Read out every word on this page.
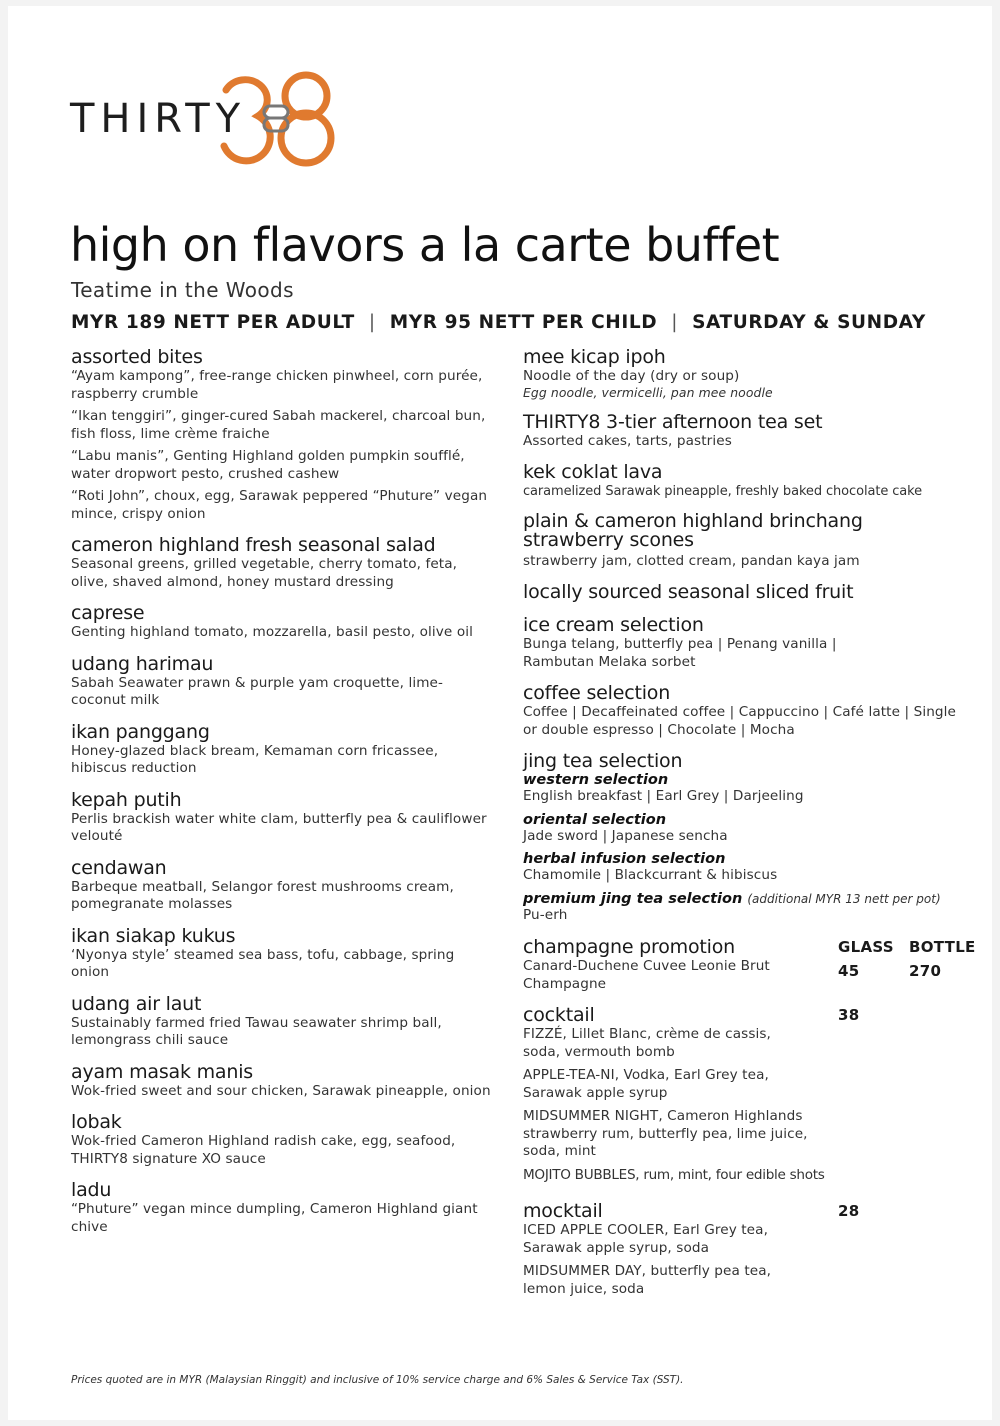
THIRTY
high on flavors a la carte buffet

Teatime in the Woods

MYR 189 NETT PER ADULT | MYR 95 NETT PER CHILD | SATURDAY & SUNDAY
assorted bites
“Ayam kampong”, free-range chicken pinwheel, corn purée, raspberry crumble
“Ikan tenggiri”, ginger-cured Sabah mackerel, charcoal bun, fish floss, lime crème fraiche
“Labu manis”, Genting Highland golden pumpkin soufflé, water dropwort pesto, crushed cashew
“Roti John”, choux, egg, Sarawak peppered “Phuture” vegan mince, crispy onion
cameron highland fresh seasonal salad
Seasonal greens, grilled vegetable, cherry tomato, feta, olive, shaved almond, honey mustard dressing
caprese
Genting highland tomato, mozzarella, basil pesto, olive oil
udang harimau
Sabah Seawater prawn & purple yam croquette, lime-coconut milk
ikan panggang
Honey-glazed black bream, Kemaman corn fricassee, hibiscus reduction
kepah putih
Perlis brackish water white clam, butterfly pea & cauliflower velouté
cendawan
Barbeque meatball, Selangor forest mushrooms cream, pomegranate molasses
ikan siakap kukus
‘Nyonya style’ steamed sea bass, tofu, cabbage, spring onion
udang air laut
Sustainably farmed fried Tawau seawater shrimp ball, lemongrass chili sauce
ayam masak manis
Wok-fried sweet and sour chicken, Sarawak pineapple, onion
lobak
Wok-fried Cameron Highland radish cake, egg, seafood, THIRTY8 signature XO sauce
ladu
“Phuture” vegan mince dumpling, Cameron Highland giant chive
mee kicap ipoh
Noodle of the day (dry or soup)
Egg noodle, vermicelli, pan mee noodle
THIRTY8 3-tier afternoon tea set
Assorted cakes, tarts, pastries
kek coklat lava
caramelized Sarawak pineapple, freshly baked chocolate cake
plain & cameron highland brinchang strawberry scones
strawberry jam, clotted cream, pandan kaya jam
locally sourced seasonal sliced fruit
ice cream selection
Bunga telang, butterfly pea | Penang vanilla | Rambutan Melaka sorbet
coffee selection
Coffee | Decaffeinated coffee | Cappuccino | Café latte | Single or double espresso | Chocolate | Mocha
jing tea selection
western selection
English breakfast | Earl Grey | Darjeeling
oriental selection
Jade sword | Japanese sencha
herbal infusion selection
Chamomile | Blackcurrant & hibiscus
premium jing tea selection (additional MYR 13 nett per pot)
Pu-erh
champagne promotion	GLASS BOTTLE
Canard-Duchene Cuvee Leonie Brut Champagne
45	270
cocktail	38
FIZZÉ, Lillet Blanc, crème de cassis, soda, vermouth bomb
APPLE-TEA-NI, Vodka, Earl Grey tea, Sarawak apple syrup
MIDSUMMER NIGHT, Cameron Highlands strawberry rum, butterfly pea, lime juice, soda, mint
MOJITO BUBBLES, rum, mint, four edible shots
mocktail	28
ICED APPLE COOLER, Earl Grey tea, Sarawak apple syrup, soda
MIDSUMMER DAY, butterfly pea tea, lemon juice, soda
Prices quoted are in MYR (Malaysian Ringgit) and inclusive of 10% service charge and 6% Sales & Service Tax (SST).
